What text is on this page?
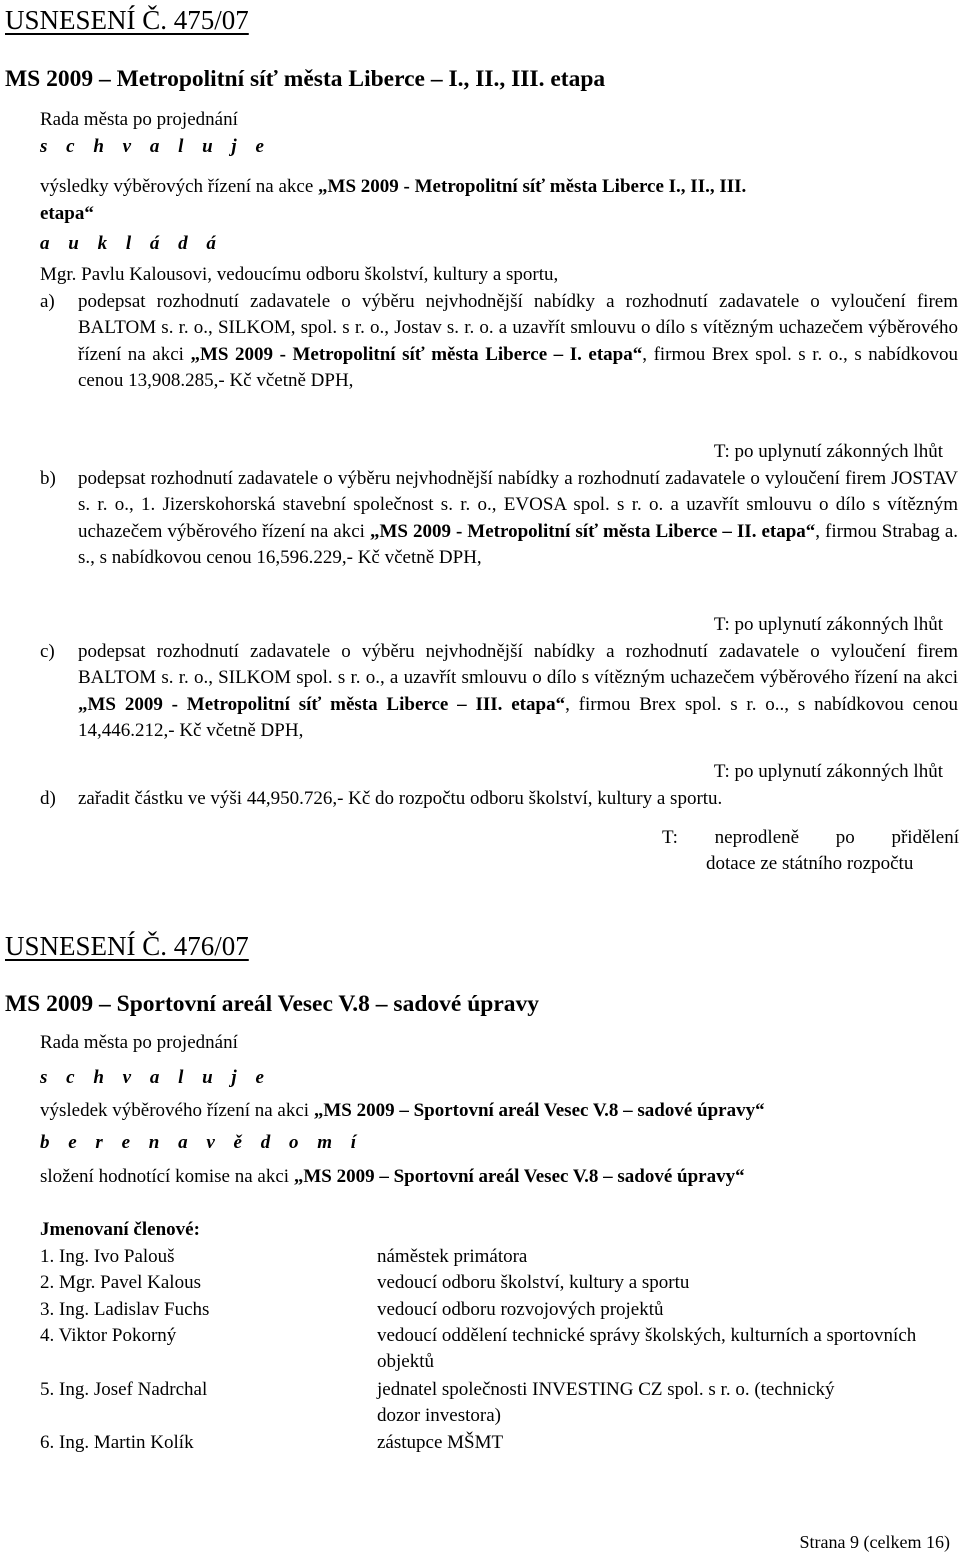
USNESENÍ Č. 475/07
MS 2009 – Metropolitní síť města Liberce – I., II., III. etapa
Rada města po projednání
s c h v a l u j e
výsledky výběrových řízení na akce „MS 2009 - Metropolitní síť města Liberce I., II., III.
etapa“
a u k l á d á
Mgr. Pavlu Kalousovi, vedoucímu odboru školství, kultury a sportu,
a) podepsat rozhodnutí zadavatele o výběru nejvhodnější nabídky a rozhodnutí zadavatele o vyloučení firem BALTOM s. r. o., SILKOM, spol. s r. o., Jostav s. r. o. a uzavřít smlouvu o dílo s vítězným uchazečem výběrového řízení na akci „MS 2009 - Metropolitní síť města Liberce – I. etapa“, firmou Brex spol. s r. o., s nabídkovou cenou 13,908.285,- Kč včetně DPH,
T: po uplynutí zákonných lhůt
b) podepsat rozhodnutí zadavatele o výběru nejvhodnější nabídky a rozhodnutí zadavatele o vyloučení firem JOSTAV s. r. o., 1. Jizerskohorská stavební společnost s. r. o., EVOSA spol. s r. o. a uzavřít smlouvu o dílo s vítězným uchazečem výběrového řízení na akci „MS 2009 - Metropolitní síť města Liberce – II. etapa“, firmou Strabag a. s., s nabídkovou cenou 16,596.229,- Kč včetně DPH,
T: po uplynutí zákonných lhůt
c) podepsat rozhodnutí zadavatele o výběru nejvhodnější nabídky a rozhodnutí zadavatele o vyloučení firem BALTOM s. r. o., SILKOM spol. s r. o., a uzavřít smlouvu o dílo s vítězným uchazečem výběrového řízení na akci „MS 2009 - Metropolitní síť města Liberce – III. etapa“, firmou Brex spol. s r. o.., s nabídkovou cenou 14,446.212,- Kč včetně DPH,
T: po uplynutí zákonných lhůt
d) zařadit částku ve výši 44,950.726,- Kč do rozpočtu odboru školství, kultury a sportu.
T: neprodleně po přidělení
dotace ze státního rozpočtu
USNESENÍ Č. 476/07
MS 2009 – Sportovní areál Vesec V.8 – sadové úpravy
Rada města po projednání
s c h v a l u j e
výsledek výběrového řízení na akci „MS 2009 – Sportovní areál Vesec V.8 – sadové úpravy“
b e r e n a v ě d o m í
složení hodnotící komise na akci „MS 2009 – Sportovní areál Vesec V.8 – sadové úpravy“
Jmenovaní členové:
1. Ing. Ivo Palouš	náměstek primátora
2. Mgr. Pavel Kalous	vedoucí odboru školství, kultury a sportu
3. Ing. Ladislav Fuchs	vedoucí odboru rozvojových projektů
4. Viktor Pokorný	vedoucí oddělení technické správy školských, kulturních a sportovních objektů
5. Ing. Josef Nadrchal	jednatel společnosti INVESTING CZ spol. s r. o. (technický dozor investora)
6. Ing. Martin Kolík	zástupce MŠMT
Strana 9 (celkem 16)
